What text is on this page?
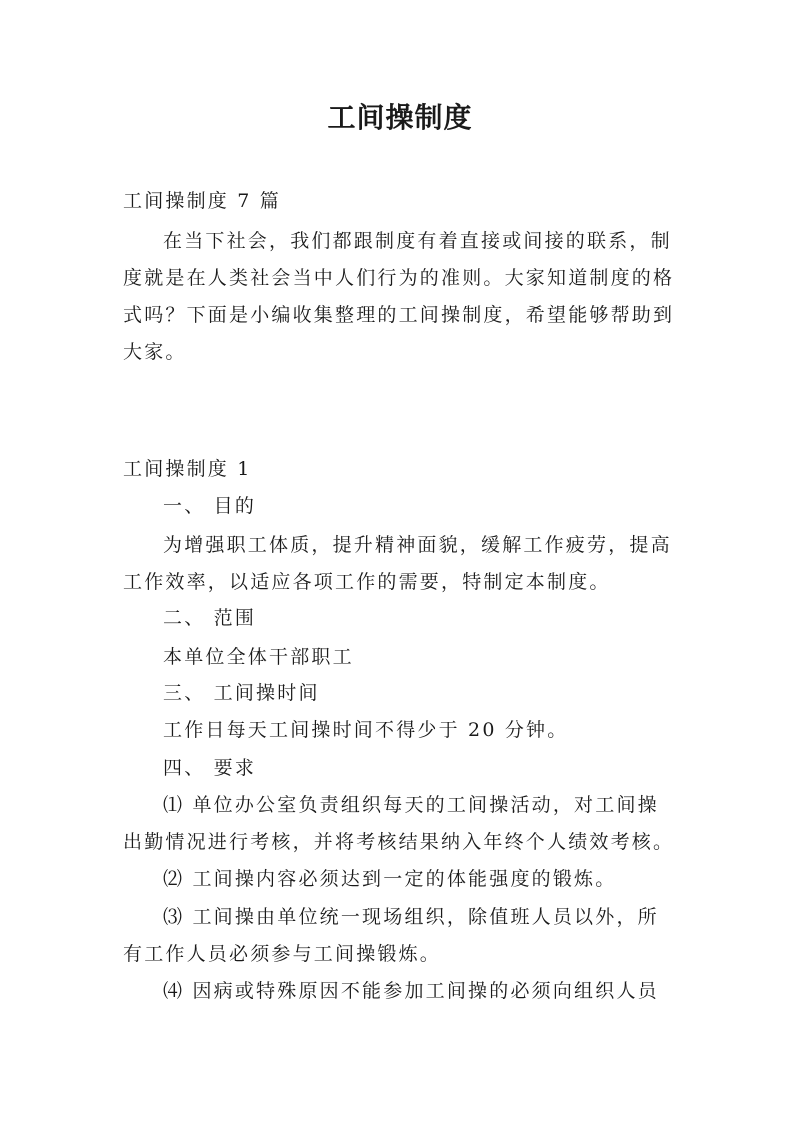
工间操制度
工间操制度 7 篇
在当下社会，我们都跟制度有着直接或间接的联系，制
度就是在人类社会当中人们行为的准则。大家知道制度的格
式吗？下面是小编收集整理的工间操制度，希望能够帮助到
大家。
工间操制度 1
一、 目的
为增强职工体质，提升精神面貌，缓解工作疲劳，提高
工作效率，以适应各项工作的需要，特制定本制度。
二、 范围
本单位全体干部职工
三、 工间操时间
工作日每天工间操时间不得少于 20 分钟。
四、 要求
⑴ 单位办公室负责组织每天的工间操活动，对工间操
出勤情况进行考核，并将考核结果纳入年终个人绩效考核。
⑵ 工间操内容必须达到一定的体能强度的锻炼。
⑶ 工间操由单位统一现场组织，除值班人员以外，所
有工作人员必须参与工间操锻炼。
⑷ 因病或特殊原因不能参加工间操的必须向组织人员
